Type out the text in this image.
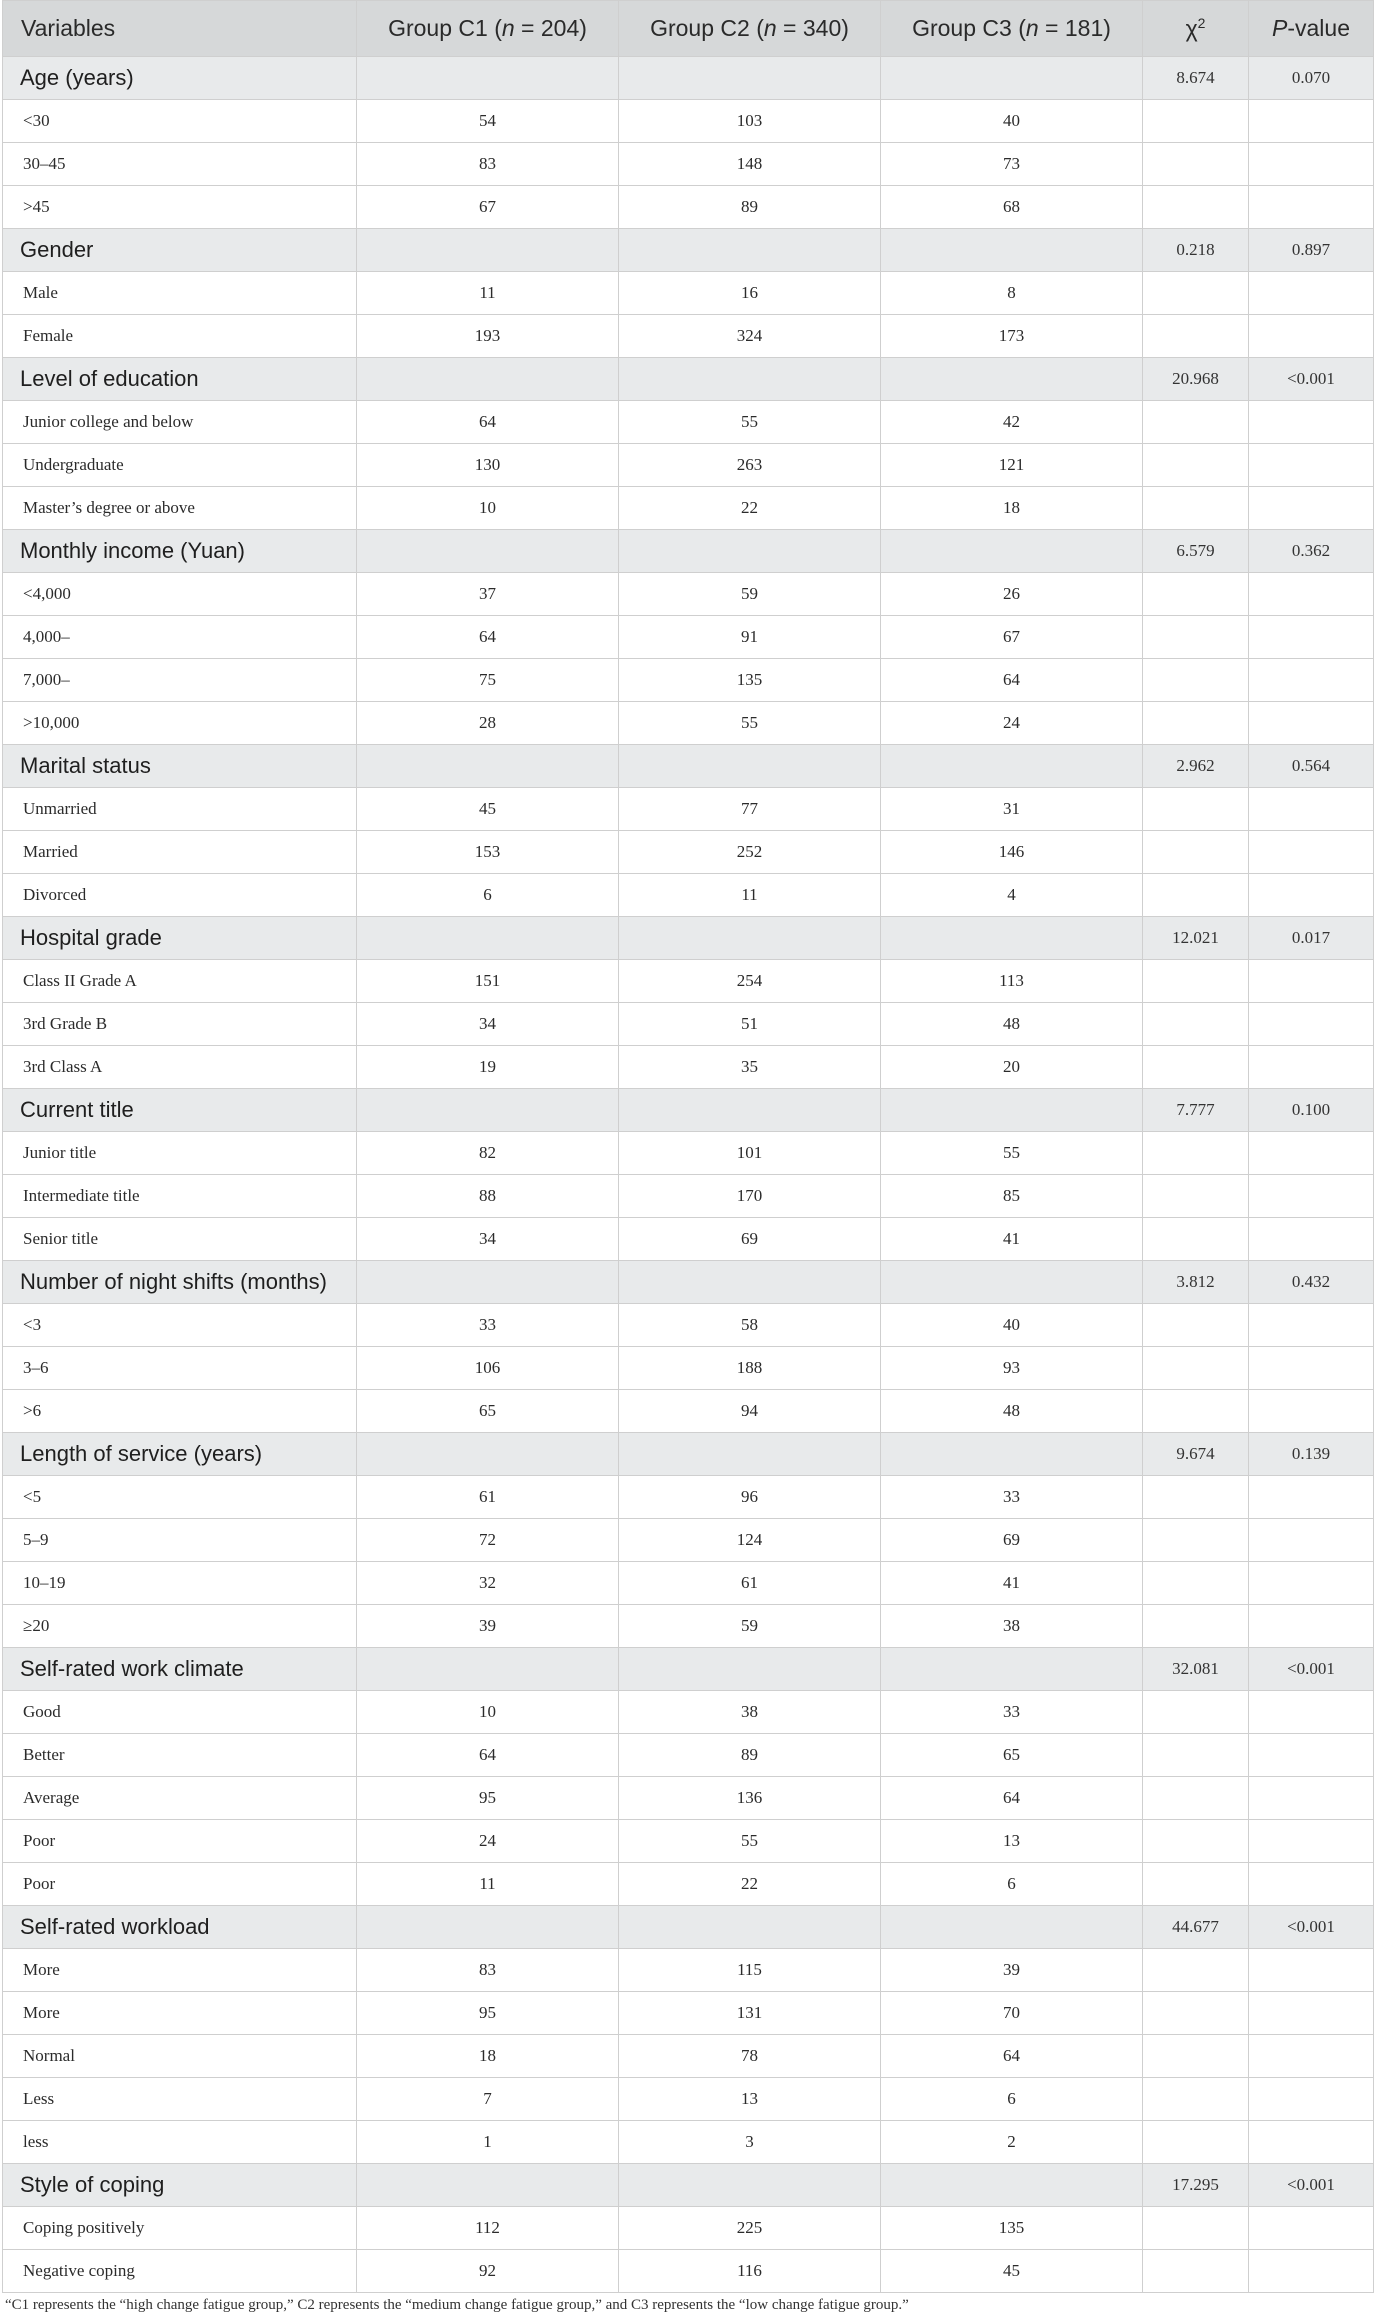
Variables	Group C1 (n = 204)	Group C2 (n = 340)	Group C3 (n = 181)	$\chi^2$	P-value
Age (years)				8.674	0.070
<30	54	103	40		
30–45	83	148	73		
>45	67	89	68		
Gender				0.218	0.897
Male	11	16	8		
Female	193	324	173		
Level of education				20.968	<0.001
Junior college and below	64	55	42		
Undergraduate	130	263	121		
Master’s degree or above	10	22	18		
Monthly income (Yuan)				6.579	0.362
<4,000	37	59	26		
4,000–	64	91	67		
7,000–	75	135	64		
>10,000	28	55	24		
Marital status				2.962	0.564
Unmarried	45	77	31		
Married	153	252	146		
Divorced	6	11	4		
Hospital grade				12.021	0.017
Class II Grade A	151	254	113		
3rd Grade B	34	51	48		
3rd Class A	19	35	20		
Current title				7.777	0.100
Junior title	82	101	55		
Intermediate title	88	170	85		
Senior title	34	69	41		
Number of night shifts (months)				3.812	0.432
<3	33	58	40		
3–6	106	188	93		
>6	65	94	48		
Length of service (years)				9.674	0.139
<5	61	96	33		
5–9	72	124	69		
10–19	32	61	41		
≥20	39	59	38		
Self-rated work climate				32.081	<0.001
Good	10	38	33		
Better	64	89	65		
Average	95	136	64		
Poor	24	55	13		
Poor	11	22	6		
Self-rated workload				44.677	<0.001
More	83	115	39		
More	95	131	70		
Normal	18	78	64		
Less	7	13	6		
less	1	3	2		
Style of coping				17.295	<0.001
Coping positively	112	225	135		
Negative coping	92	116	45		
“C1 represents the “high change fatigue group,” C2 represents the “medium change fatigue group,” and C3 represents the “low change fatigue group.”
